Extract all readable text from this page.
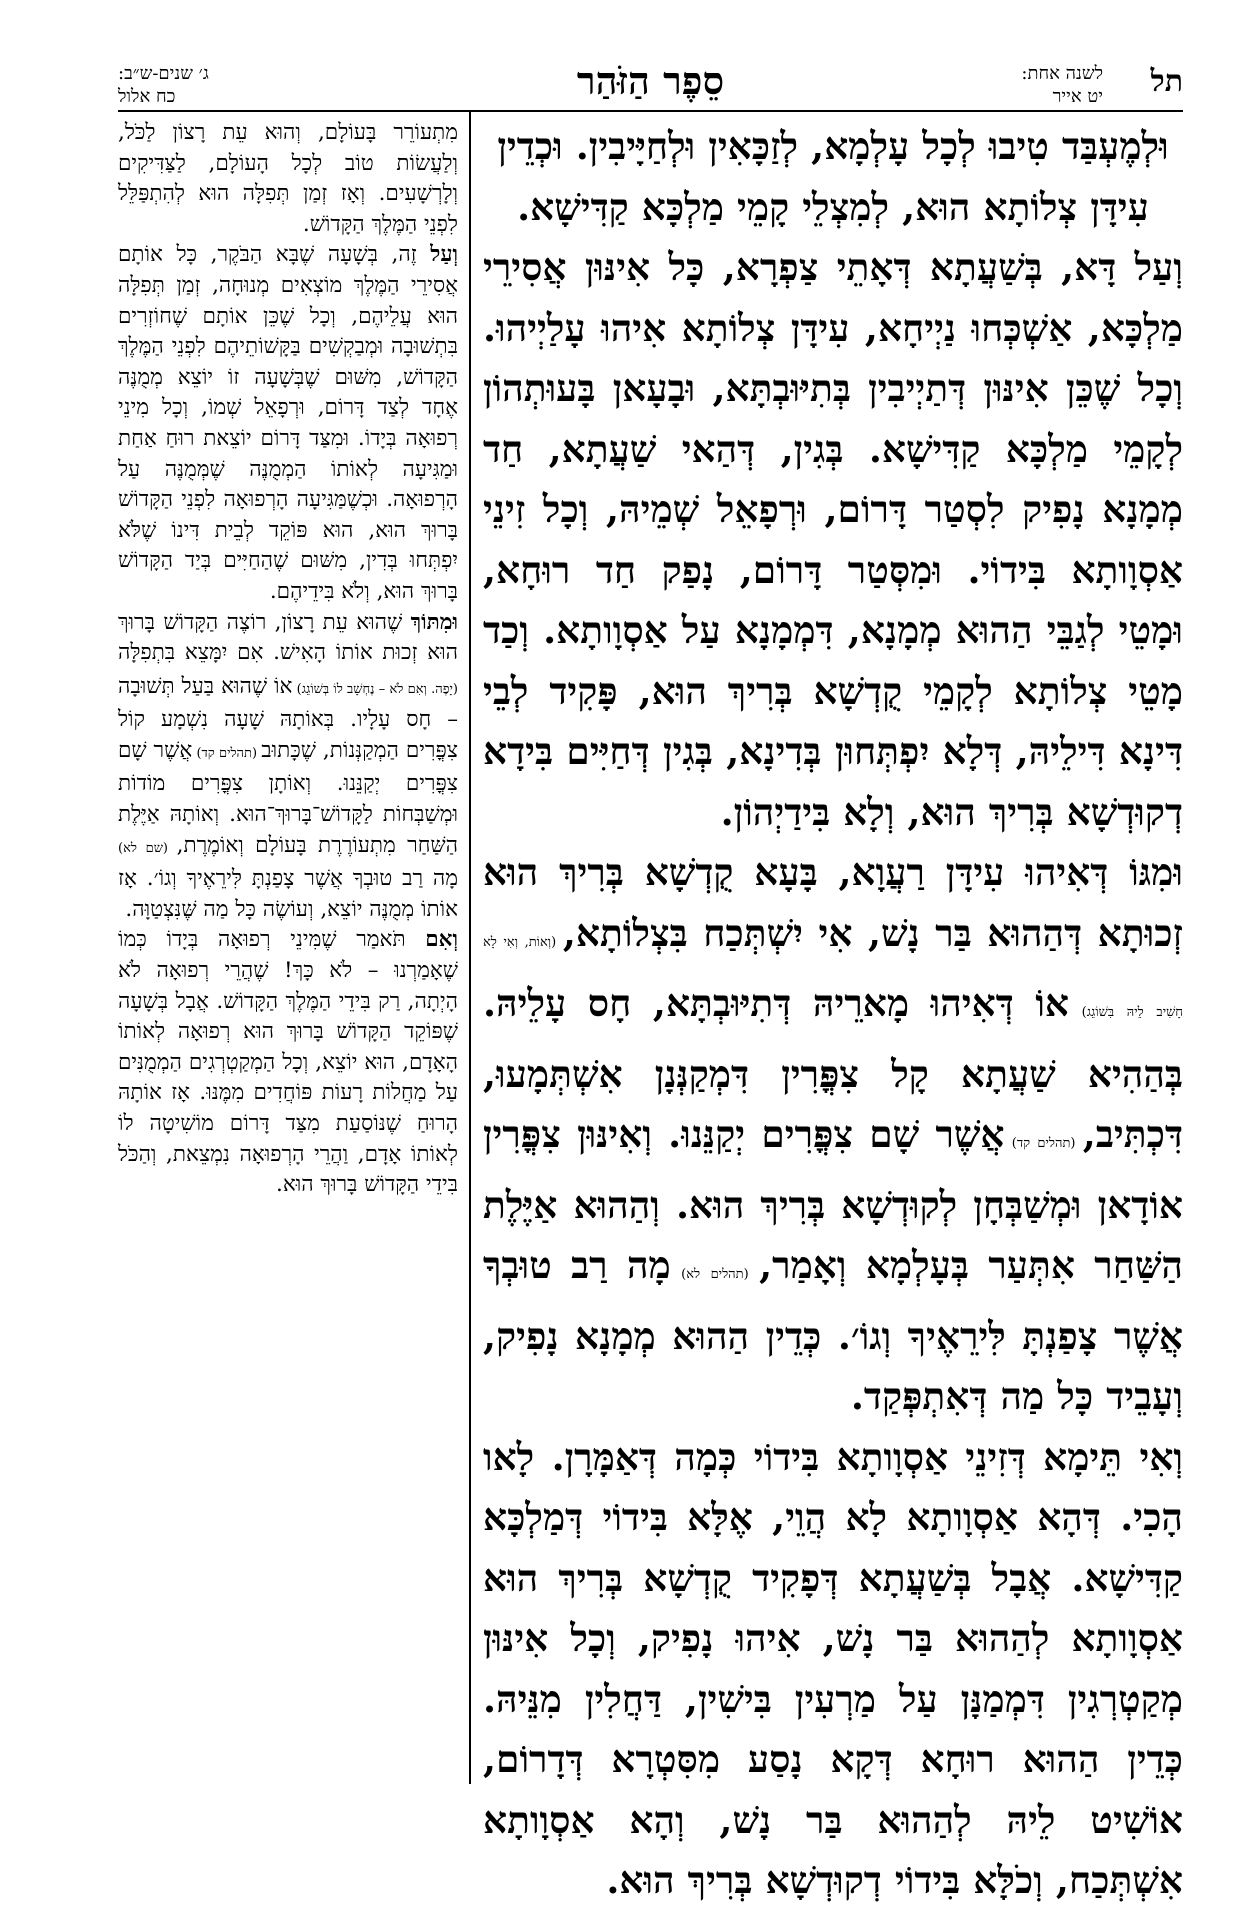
תל
לשנה אחת:
יט אייר
סֵפֶר הַזֹּהַר
ג׳ שנים-ש״ב:
כח אלול

וּלְמֶעְבַּד טִיבוּ לְכָל עָלְמָא, לְזַכָּאִין וּלְחַיָּיבִין. וּכְדֵין עִידָּן צְלוֹתָא הוּא, לְמִצְלֵי קָמֵי מַלְכָּא קַדִּישָׁא.

וְעַל דָּא, בְּשַׁעֲתָא דְּאָתֵי צַפְרָא, כָּל אִינּוּן אֲסִירֵי מַלְכָּא, אַשְׁכְּחוּ נַיְיחָא, עִידָּן צְלוֹתָא אִיהוּ עָלַיְיהוּ. וְכָל שֶׁכֵּן אִינּוּן דְּתַיְיבִין בְּתִיּוּבְתָּא, וּבָעָאן בָּעוּתְהוֹן לְקָמֵי מַלְכָּא קַדִּישָׁא. בְּגִין, דְּהַאי שַׁעֲתָא, חַד מְמָנָא נָפִיק לִסְטַר דָּרוֹם, וּרְפָאֵל שְׁמֵיהּ, וְכָל זִינֵי אַסְוָותָא בִּידוֹי. וּמִסְּטַר דָּרוֹם, נָפַק חַד רוּחָא, וּמָטֵי לְגַבֵּי הַהוּא מְמָנָא, דִּמְמָנָא עַל אַסְוָותָא. וְכַד מָטֵי צְלוֹתָא לְקָמֵי קֻדְשָׁא בְּרִיךְ הוּא, פָּקִיד לְבֵי דִּינָא דִּילֵיהּ, דְּלָא יִפְתְּחוּן בְּדִינָא, בְּגִין דְּחַיִּים בִּידָא דְקוּדְשָׁא בְּרִיךְ הוּא, וְלָא בִּידַיְהוֹן.

וּמִגּוֹ דְּאִיהוּ עִידָּן רַעֲוָא, בָּעָא קֻדְשָׁא בְּרִיךְ הוּא זְכוּתָא דְּהַהוּא בַּר נָשׁ, אִי יִשְׁתְּכַח בִּצְלוֹתָא, (וְאוֹת, וְאִי לָא חָשִׁיב לֵיהּ בִּשׁוֹגֵג) אוֹ דְּאִיהוּ מָארֵיהּ דְּתִיּוּבְתָּא, חָס עָלֵיהּ. בְּהַהִיא שַׁעֲתָא קָל צִפֳּרִין דִּמְקַנְּנָן אִשְׁתְּמָעוּ, דִּכְתִּיב, (תהלים קד) אֲשֶׁר שָׁם צִפֳּרִים יְקַנֵּנוּ. וְאִינּוּן צִפֳּרִין אוֹדָאן וּמְשַׁבְּחָן לְקוּדְשָׁא בְּרִיךְ הוּא. וְהַהוּא אַיֶּלֶת הַשַּׁחַר אִתְּעַר בְּעָלְמָא וְאָמַר, (תהלים לא) מָה רַב טוּבְךָ אֲשֶׁר צָפַנְתָּ לִּירֵאֶיךָ וְגוֹ׳. כְּדֵין הַהוּא מְמָנָא נָפִיק, וְעָבֵיד כָּל מַה דְּאִתְפְּקַד.

וְאִי תֵּימָא דְּזִינֵי אַסְוָותָא בִּידוֹי כְּמָה דְּאַמָּרָן. לָאו הָכִי. דְּהָא אַסְוָותָא לָא הֲוֵי, אֶלָּא בִּידוֹי דְּמַלְכָּא קַדִּישָׁא. אֲבָל בְּשַׁעֲתָא דְּפָקִיד קֻדְשָׁא בְּרִיךְ הוּא אַסְוָותָא לְהַהוּא בַּר נָשׁ, אִיהוּ נָפִיק, וְכָל אִינּוּן מְקַטְרְגִין דִּמְמַנָּן עַל מַרְעִין בִּישִׁין, דַּחֲלִין מִנֵּיהּ. כְּדֵין הַהוּא רוּחָא דְּקָא נָסַע מִסִּטְרָא דְּדָרוֹם, אוֹשִׁיט לֵיהּ לְהַהוּא בַּר נָשׁ, וְהָא אַסְוָותָא אִשְׁתְּכַח, וְכֹלָּא בִּידוֹי דְקוּדְשָׁא בְּרִיךְ הוּא.

מִתְעוֹרֵר בָּעוֹלָם, וְהוּא עֵת רָצוֹן לַכֹּל, וְלַעֲשׂוֹת טוֹב לְכָל הָעוֹלָם, לַצַּדִּיקִים וְלָרְשָׁעִים. וְאָז זְמַן תְּפִלָּה הוּא לְהִתְפַּלֵּל לִפְנֵי הַמֶּלֶךְ הַקָּדוֹשׁ.

וְעַל זֶה, בְּשָׁעָה שֶׁבָּא הַבֹּקֶר, כָּל אוֹתָם אֲסִירֵי הַמֶּלֶךְ מוֹצְאִים מְנוּחָה, זְמַן תְּפִלָּה הוּא עֲלֵיהֶם, וְכָל שֶׁכֵּן אוֹתָם שֶׁחוֹזְרִים בִּתְשׁוּבָה וּמְבַקְשִׁים בַּקָּשׁוֹתֵיהֶם לִפְנֵי הַמֶּלֶךְ הַקָּדוֹשׁ, מִשּׁוּם שֶׁבְּשָׁעָה זוֹ יוֹצֵא מְמֻנֶּה אֶחָד לְצַד דָּרוֹם, וּרְפָאֵל שְׁמוֹ, וְכָל מִינֵי רְפוּאָה בְּיָדוֹ. וּמִצַּד דָּרוֹם יוֹצֵאת רוּחַ אַחַת וּמַגִּיעָה לְאוֹתוֹ הַמְמֻנֶּה שֶׁמְּמֻנֶּה עַל הָרְפוּאָה. וּכְשֶׁמַּגִּיעָה הָרְפוּאָה לִפְנֵי הַקָּדוֹשׁ בָּרוּךְ הוּא, הוּא פּוֹקֵד לְבֵית דִּינוֹ שֶׁלֹּא יִפְתְּחוּ בְּדִין, מִשּׁוּם שֶׁהַחַיִּים בְּיַד הַקָּדוֹשׁ בָּרוּךְ הוּא, וְלֹא בִּידֵיהֶם.

וּמִתּוֹךְ שֶׁהוּא עֵת רָצוֹן, רוֹצֶה הַקָּדוֹשׁ בָּרוּךְ הוּא זְכוּת אוֹתוֹ הָאִישׁ. אִם יִמָּצֵא בִּתְפִלָּה (יָפֶה. וְאִם לֹא – נֶחְשָׁב לוֹ בְּשׁוֹגֵג) אוֹ שֶׁהוּא בַּעַל תְּשׁוּבָה – חָס עָלָיו. בְּאוֹתָהּ שָׁעָה נִשְׁמָע קוֹל צִפֳּרִים הַמְקַנְּנוֹת, שֶׁכָּתוּב (תהלים קד) אֲשֶׁר שָׁם צִפֳּרִים יְקַנֵּנוּ. וְאוֹתָן צִפֳּרִים מוֹדוֹת וּמְשַׁבְּחוֹת לַקָּדוֹשׁ־בָּרוּךְ־הוּא. וְאוֹתָהּ אַיֶּלֶת הַשַּׁחַר מִתְעוֹרֶרֶת בָּעוֹלָם וְאוֹמֶרֶת, (שם לא) מָה רַב טוּבְךָ אֲשֶׁר צָפַנְתָּ לִּירֵאֶיךָ וְגוֹ׳. אָז אוֹתוֹ מְמֻנֶּה יוֹצֵא, וְעוֹשֶׂה כָּל מַה שֶּׁנִּצְטַוָּה.

וְאִם תֹּאמַר שֶׁמִּינֵי רְפוּאָה בְּיָדוֹ כְּמוֹ שֶׁאָמַרְנוּ – לֹא כָּךְ! שֶׁהֲרֵי רְפוּאָה לֹא הָיְתָה, רַק בִּידֵי הַמֶּלֶךְ הַקָּדוֹשׁ. אֲבָל בְּשָׁעָה שֶׁפּוֹקֵד הַקָּדוֹשׁ בָּרוּךְ הוּא רְפוּאָה לְאוֹתוֹ הָאָדָם, הוּא יוֹצֵא, וְכָל הַמְקַטְרְגִים הַמְמֻנִּים עַל מַחֲלוֹת רָעוֹת פּוֹחֲדִים מִמֶּנּוּ. אָז אוֹתָהּ הָרוּחַ שֶׁנּוֹסַעַת מִצַּד דָּרוֹם מוֹשִׁיטָה לוֹ לְאוֹתוֹ אָדָם, וַהֲרֵי הָרְפוּאָה נִמְצֵאת, וְהַכֹּל בִּידֵי הַקָּדוֹשׁ בָּרוּךְ הוּא.
